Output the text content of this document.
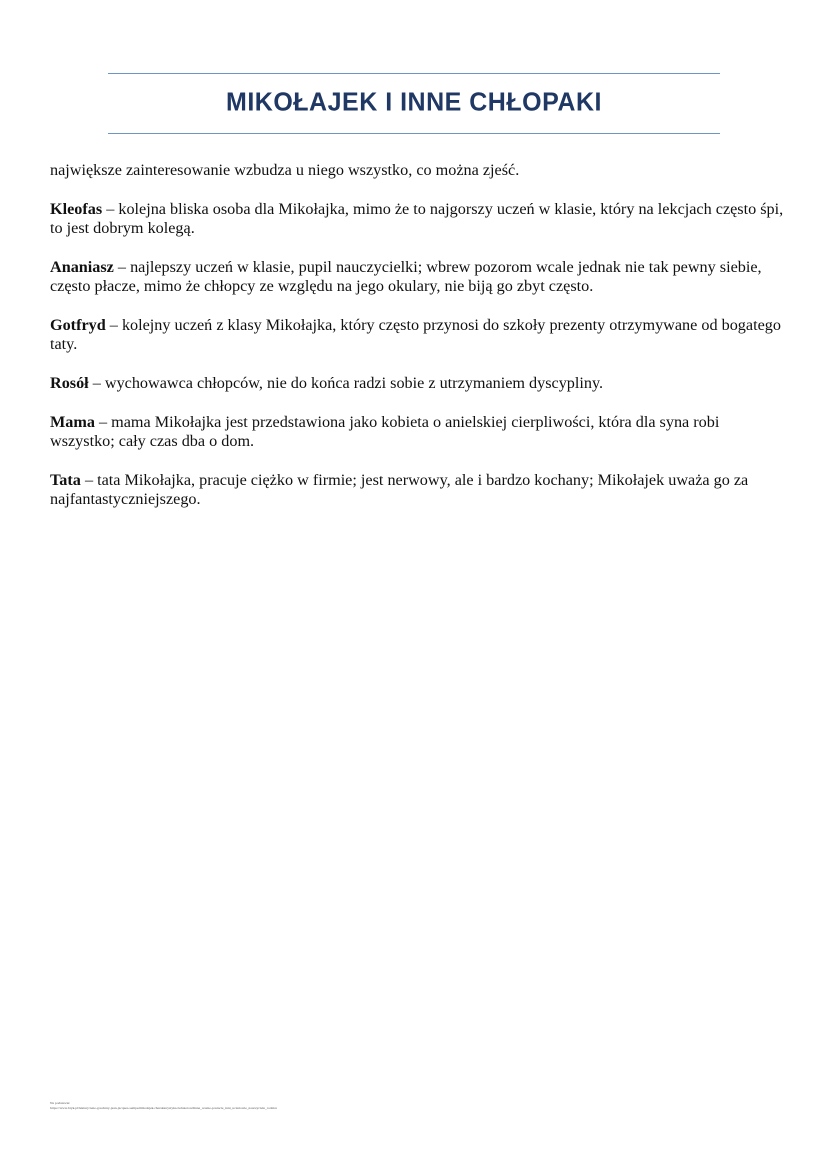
MIKOŁAJEK I INNE CHŁOPAKI

największe zainteresowanie wzbudza u niego wszystko, co można zjeść.

Kleofas – kolejna bliska osoba dla Mikołajka, mimo że to najgorszy uczeń w klasie, który na lekcjach często śpi, to jest dobrym kolegą.

Ananiasz – najlepszy uczeń w klasie, pupil nauczycielki; wbrew pozorom wcale jednak nie tak pewny siebie, często płacze, mimo że chłopcy ze względu na jego okulary, nie biją go zbyt często.

Gotfryd – kolejny uczeń z klasy Mikołajka, który często przynosi do szkoły prezenty otrzymywane od bogatego taty.

Rosół – wychowawca chłopców, nie do końca radzi sobie z utrzymaniem dyscypliny.

Mama – mama Mikołajka jest przedstawiona jako kobieta o anielskiej cierpliwości, która dla syna robi wszystko; cały czas dba o dom.

Tata – tata Mikołajka, pracuje ciężko w firmie; jest nerwowy, ale i bardzo kochany; Mikołajek uważa go za najfantastyczniejszego.

Na podstawie:
https://www.bryk.pl/lektury/rene-goscinny-jean-jacques-sempe/mikolajek.charakterystyka-bohaterow#inne_wazne-postacie_inni_uczniowie_nauczyciele_rodzice
